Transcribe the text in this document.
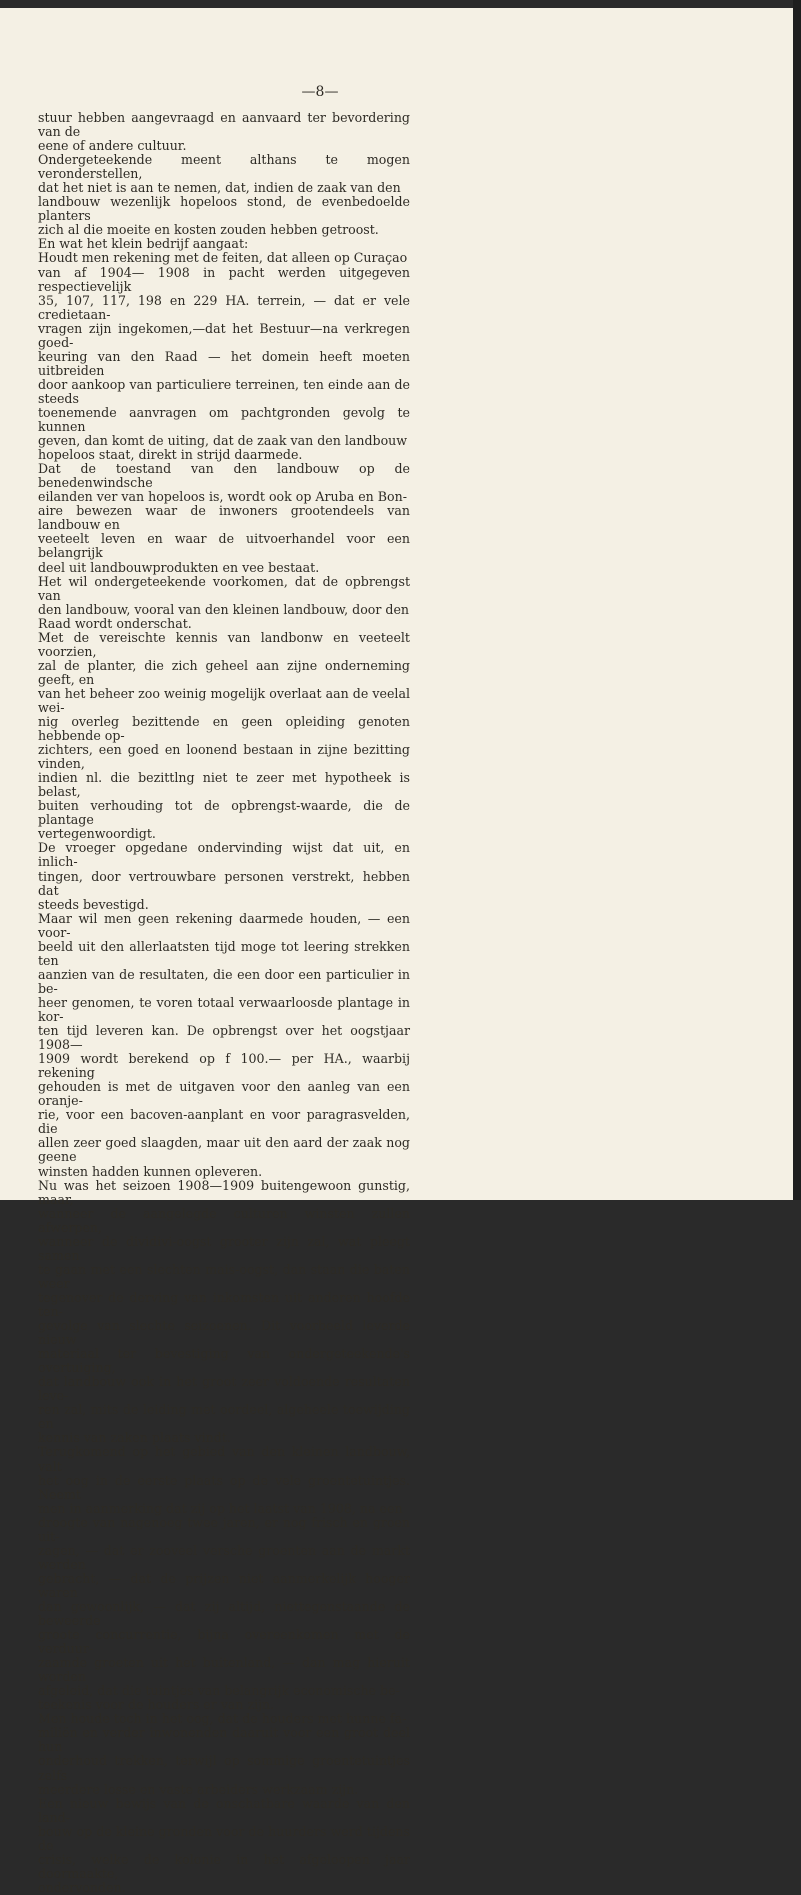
—8—

stuur hebben aangevraagd en aanvaard ter bevordering van de
eene of andere cultuur.

Ondergeteekende meent althans te mogen veronderstellen,
dat het niet is aan te nemen, dat, indien de zaak van den
landbouw wezenlijk hopeloos stond, de evenbedoelde planters
zich al die moeite en kosten zouden hebben getroost.

En wat het klein bedrijf aangaat:

Houdt men rekening met de feiten, dat alleen op Curaçao
van af 1904— 1908 in pacht werden uitgegeven respectievelijk
35, 107, 117, 198 en 229 HA. terrein, — dat er vele credietaan-
vragen zijn ingekomen,—dat het Bestuur—na verkregen goed-
keuring van den Raad — het domein heeft moeten uitbreiden
door aankoop van particuliere terreinen, ten einde aan de steeds
toenemende aanvragen om pachtgronden gevolg te kunnen
geven, dan komt de uiting, dat de zaak van den landbouw
hopeloos staat, direkt in strijd daarmede.

Dat de toestand van den landbouw op de benedenwindsche
eilanden ver van hopeloos is, wordt ook op Aruba en Bon-
aire bewezen waar de inwoners grootendeels van landbouw en
veeteelt leven en waar de uitvoerhandel voor een belangrijk
deel uit landbouwprodukten en vee bestaat.

Het wil ondergeteekende voorkomen, dat de opbrengst van
den landbouw, vooral van den kleinen landbouw, door den
Raad wordt onderschat.

Met de vereischte kennis van landbonw en veeteelt voorzien,
zal de planter, die zich geheel aan zijne onderneming geeft, en
van het beheer zoo weinig mogelijk overlaat aan de veelal wei-
nig overleg bezittende en geen opleiding genoten hebbende op-
zichters, een goed en loonend bestaan in zijne bezitting vinden,
indien nl. die bezittlng niet te zeer met hypotheek is belast,
buiten verhouding tot de opbrengst-waarde, die de plantage
vertegenwoordigt.

De vroeger opgedane ondervinding wijst dat uit, en inlich-
tingen, door vertrouwbare personen verstrekt, hebben dat
steeds bevestigd.

Maar wil men geen rekening daarmede houden, — een voor-
beeld uit den allerlaatsten tijd moge tot leering strekken ten
aanzien van de resultaten, die een door een particulier in be-
heer genomen, te voren totaal verwaarloosde plantage in kor-
ten tijd leveren kan. De opbrengst over het oogstjaar 1908—
1909 wordt berekend op f 100.— per HA., waarbij rekening
gehouden is met de uitgaven voor den aanleg van een oranje-
rie, voor een bacoven-aanplant en voor paragrasvelden, die
allen zeer goed slaagden, maar uit den aard der zaak nog geene
winsten hadden kunnen opleveren.

Nu was het seizoen 1908—1909 buitengewoon gunstig, maar,
wanneer de aangelegde culturen winsten zullen afwerpen,
wanneer de dividivi-oogst grooter zijn zal, wat pleegt samen
te gaan met een slechten mais-oogst, dan staan die baten weer
tegenover de derving van inkomsten uit anderen hoofde ten-
gevolge van slechte seizoenen. Dit voorbeeld leverde nieuw
materiaal ter bevestiging van ondergeteekende's overtuiging,
dat landbouw ook in het groot zeer voldoende resultaten leve-
ren zal, mits de leiding met oordeel, algeheele toewijding en
kennis van zaken plaats vindt.

Terugkomend op het gebied van den kleinen landbouw, valt
het oog in de eerste plaats op de vele groentetuintjes. Neemt
men in aanmerking dat zij op het laatst van 1908, na een
droogte van nagenoeg twee jaren, er nog frisch en groen uit-
zagen, — dat er zooveel versche groenten aan de markt werden
gebracht, — dat de prijzen niet aanmerkelijk hooger waren
dan gewoonlijk, — dat zij altijd, niettegenstaande de beweerde
groote concurrentie, bijna overeenkomen met de verduur-
zaamde groeten uit het buitenland, — dan mag hieruit worden
afgeleid, dat die tuintjes van belangrijk economische be-
teekenis voor de houders er van zijn.

Men houde toch in het oog, dat de houders met hunne fa-
miliën en verder inwonenden daaruit voor een groot deel hun
onderhoud trekken, terwijl op sommige groentetuintjes zelfs
meerdere losse en vaste arbeiders werkzaam zijn.

Een nieuw bewijs van de onschatbare waarde van den land-
bouw op de kleine gronden voor de huurders werd tijdens de
crisis, welke de kolonie in het afgeloopen jaar doormaakte,
ondervonden.
